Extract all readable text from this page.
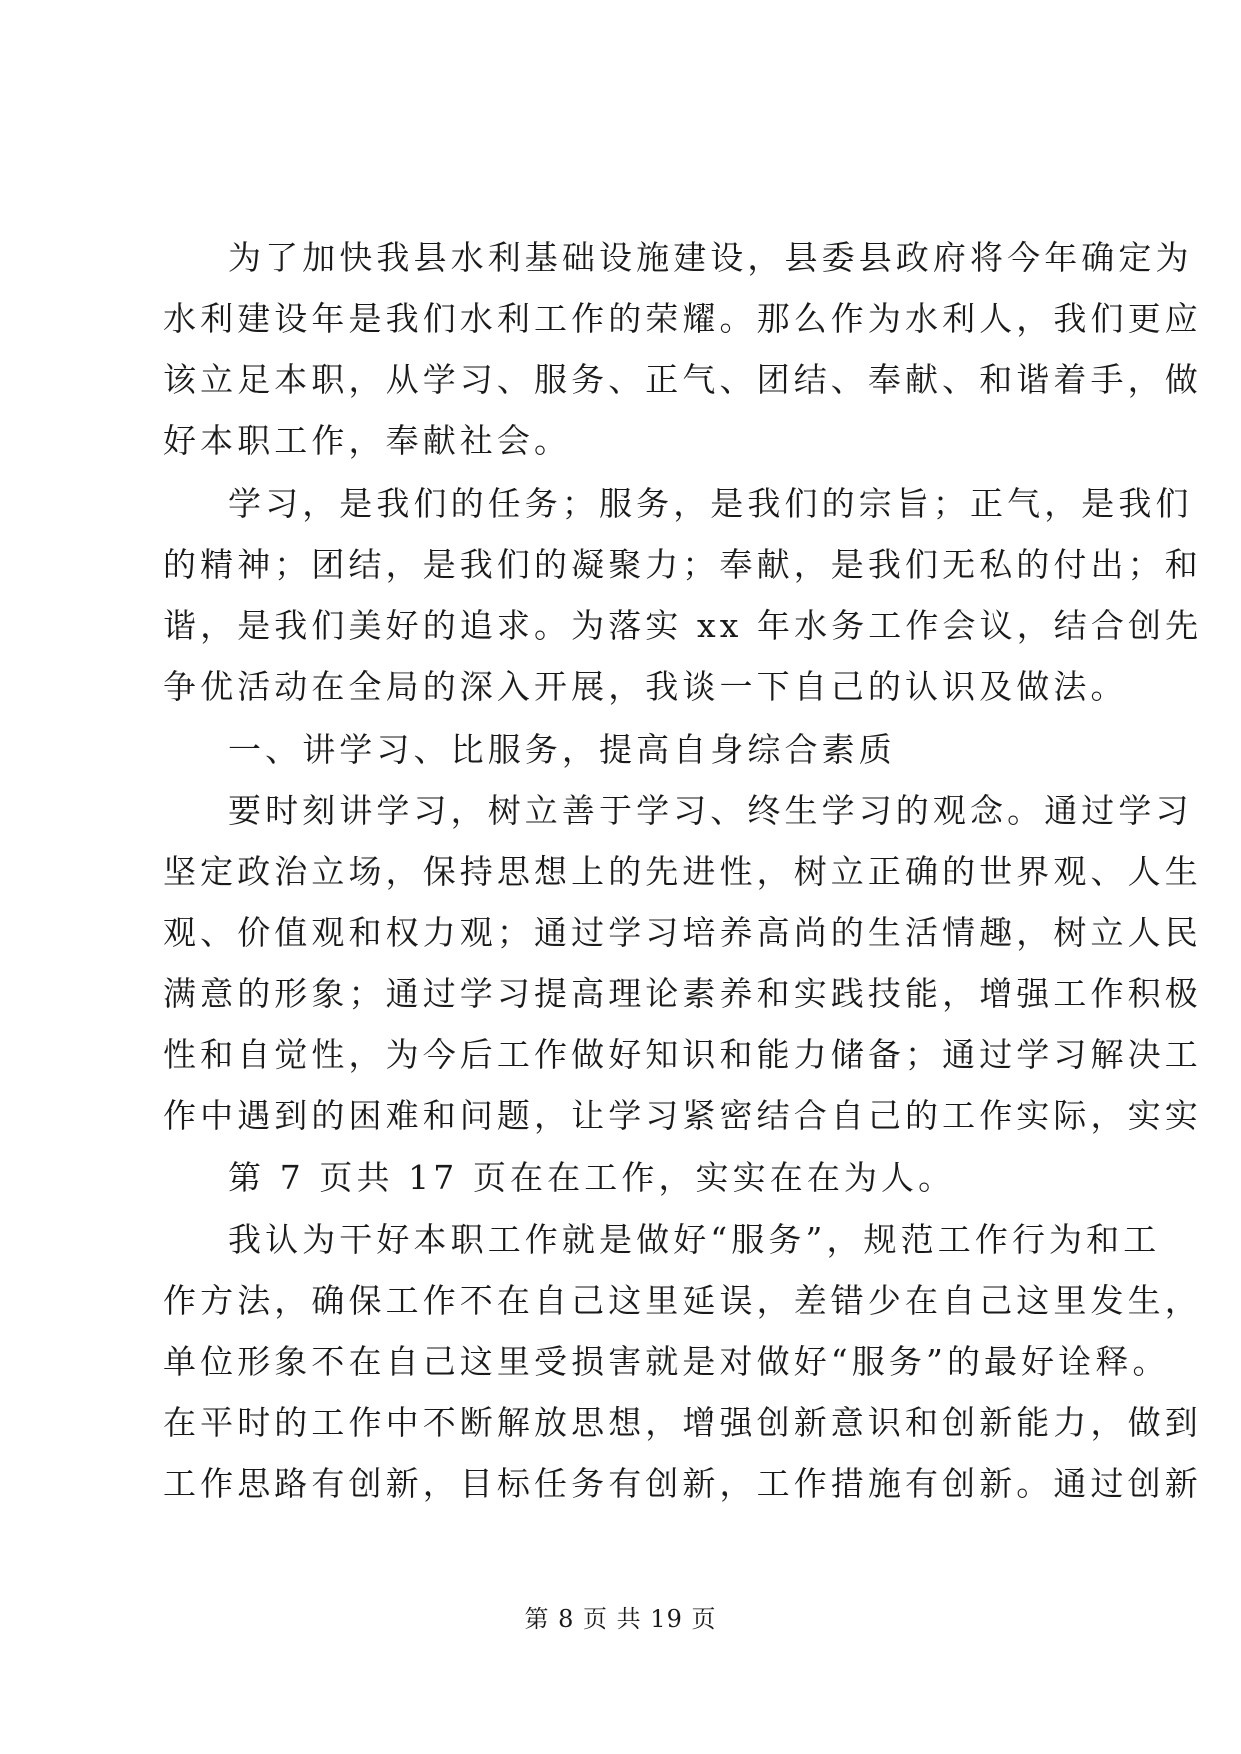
为了加快我县水利基础设施建设，县委县政府将今年确定为
水利建设年是我们水利工作的荣耀。那么作为水利人，我们更应
该立足本职，从学习、服务、正气、团结、奉献、和谐着手，做
好本职工作，奉献社会。
学习，是我们的任务；服务，是我们的宗旨；正气，是我们
的精神；团结，是我们的凝聚力；奉献，是我们无私的付出；和
谐，是我们美好的追求。为落实 xx 年水务工作会议，结合创先
争优活动在全局的深入开展，我谈一下自己的认识及做法。
一、讲学习、比服务，提高自身综合素质
要时刻讲学习，树立善于学习、终生学习的观念。通过学习
坚定政治立场，保持思想上的先进性，树立正确的世界观、人生
观、价值观和权力观；通过学习培养高尚的生活情趣，树立人民
满意的形象；通过学习提高理论素养和实践技能，增强工作积极
性和自觉性，为今后工作做好知识和能力储备；通过学习解决工
作中遇到的困难和问题，让学习紧密结合自己的工作实际，实实
第 7 页共 17 页在在工作，实实在在为人。
我认为干好本职工作就是做好“服务”，规范工作行为和工
作方法，确保工作不在自己这里延误，差错少在自己这里发生，
单位形象不在自己这里受损害就是对做好“服务”的最好诠释。
在平时的工作中不断解放思想，增强创新意识和创新能力，做到
工作思路有创新，目标任务有创新，工作措施有创新。通过创新
第 8 页 共 19 页
